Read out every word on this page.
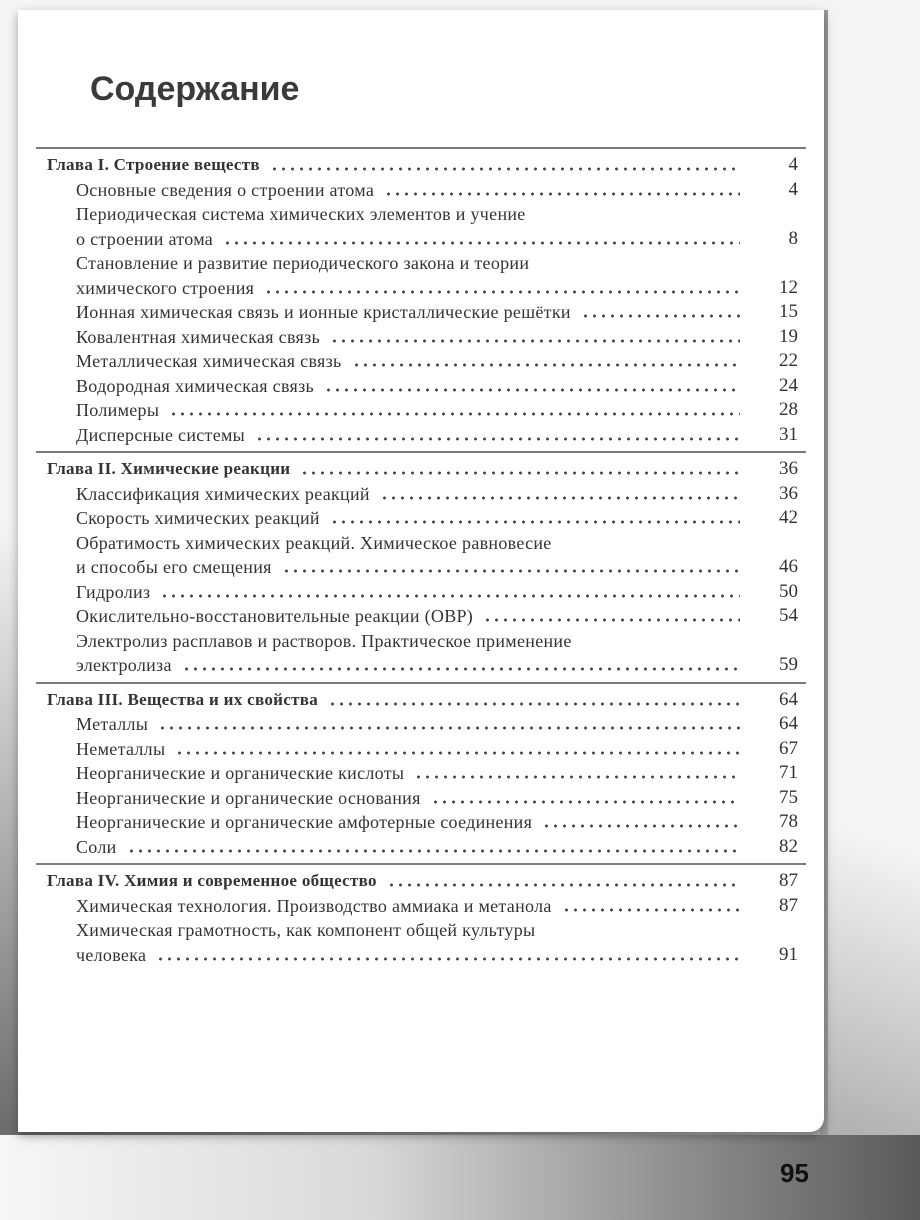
Содержание
Глава I. Строение веществ	4
Основные сведения о строении атома	4
Периодическая система химических элементов и учение
о строении атома	8
Становление и развитие периодического закона и теории
химического строения	12
Ионная химическая связь и ионные кристаллические решётки	15
Ковалентная химическая связь	19
Металлическая химическая связь	22
Водородная химическая связь	24
Полимеры	28
Дисперсные системы	31
Глава II. Химические реакции	36
Классификация химических реакций	36
Скорость химических реакций	42
Обратимость химических реакций. Химическое равновесие
и способы его смещения	46
Гидролиз	50
Окислительно-восстановительные реакции (ОВР)	54
Электролиз расплавов и растворов. Практическое применение
электролиза	59
Глава III. Вещества и их свойства	64
Металлы	64
Неметаллы	67
Неорганические и органические кислоты	71
Неорганические и органические основания	75
Неорганические и органические амфотерные соединения	78
Соли	82
Глава IV. Химия и современное общество	87
Химическая технология. Производство аммиака и метанола	87
Химическая грамотность, как компонент общей культуры
человека	91
95
